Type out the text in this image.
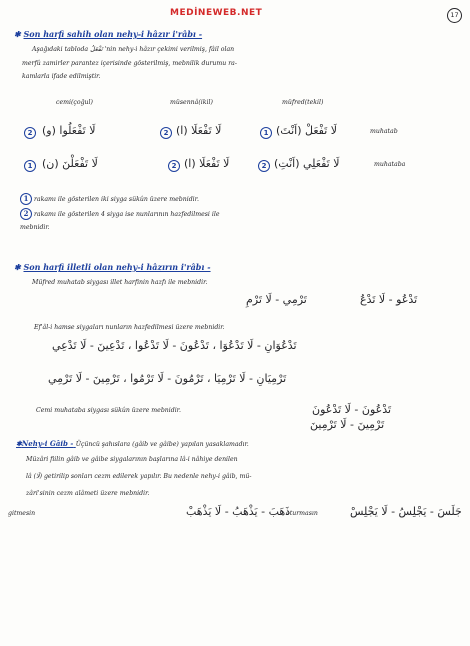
MEDİNEWEB.NET	17
✱ Son harfi sahih olan nehy-i hâzır i'râbı -
Aşağıdaki tabloda تَفْعَلُ 'nin nehy-i hâzır çekimi verilmiş, fâil olan
merfû zamirler parantez içerisinde gösterilmiş, mebnilik durumu ra-
kamlarla ifade edilmiştir.
cemi(çoğul)	müsennâ(ikil)	müfred(tekil)
2 لَا تَفْعَلُوا (و)	2 لَا تَفْعَلَا (ا)	1 لَا تَفْعَلْ (اَنْتَ)	muhatab
1 لَا تَفْعَلْنَ (ن)	2 لَا تَفْعَلَا (ا)	2 لَا تَفْعَلِي (اَنْتِ)	muhataba
1 rakamı ile gösterilen iki siyga sükûn üzere mebnidir.
2 rakamı ile gösterilen 4 siyga ise nunlarının hazfedilmesi ile
mebnidir.
✱ Son harfi illetli olan nehy-i hâzırın i'râbı -
Müfred muhatab siygası illet harfinin hazfı ile mebnidir.
تَدْعُو - لَا تَدْعُ
تَرْمِي - لَا تَرْمِ
Ef'âl-i hamse siygaları nunların hazfedilmesi üzere mebnidir.
تَدْعُوَانِ - لَا تَدْعُوَا ، تَدْعُونَ - لَا تَدْعُوا ، تَدْعِينَ - لَا تَدْعِي
تَرْمِيَانِ - لَا تَرْمِيَا ، تَرْمُونَ - لَا تَرْمُوا ، تَرْمِينَ - لَا تَرْمِي
Cemi muhataba siygası sükûn üzere mebnidir.	تَدْعُونَ - لَا تَدْعُونَ
تَرْمِينَ - لَا تَرْمِينَ
✱Nehy-i Gâib - Üçüncü şahıslara (gâib ve gâibe) yapılan yasaklamadır.
Müzâri fiilin gâib ve gâibe siygalarının başlarına lâ-i nâhiye denilen
lâ (لَا) getirilip sonları cezm edilerek yapılır. Bu nedenle nehy-i gâib, mü-
zâri'sinin cezm alâmeti üzere mebnidir.
جَلَسَ - يَجْلِسُ - لَا يَجْلِسْ
oturmasın
ذَهَبَ - يَذْهَبُ - لَا يَذْهَبْ
gitmesin
